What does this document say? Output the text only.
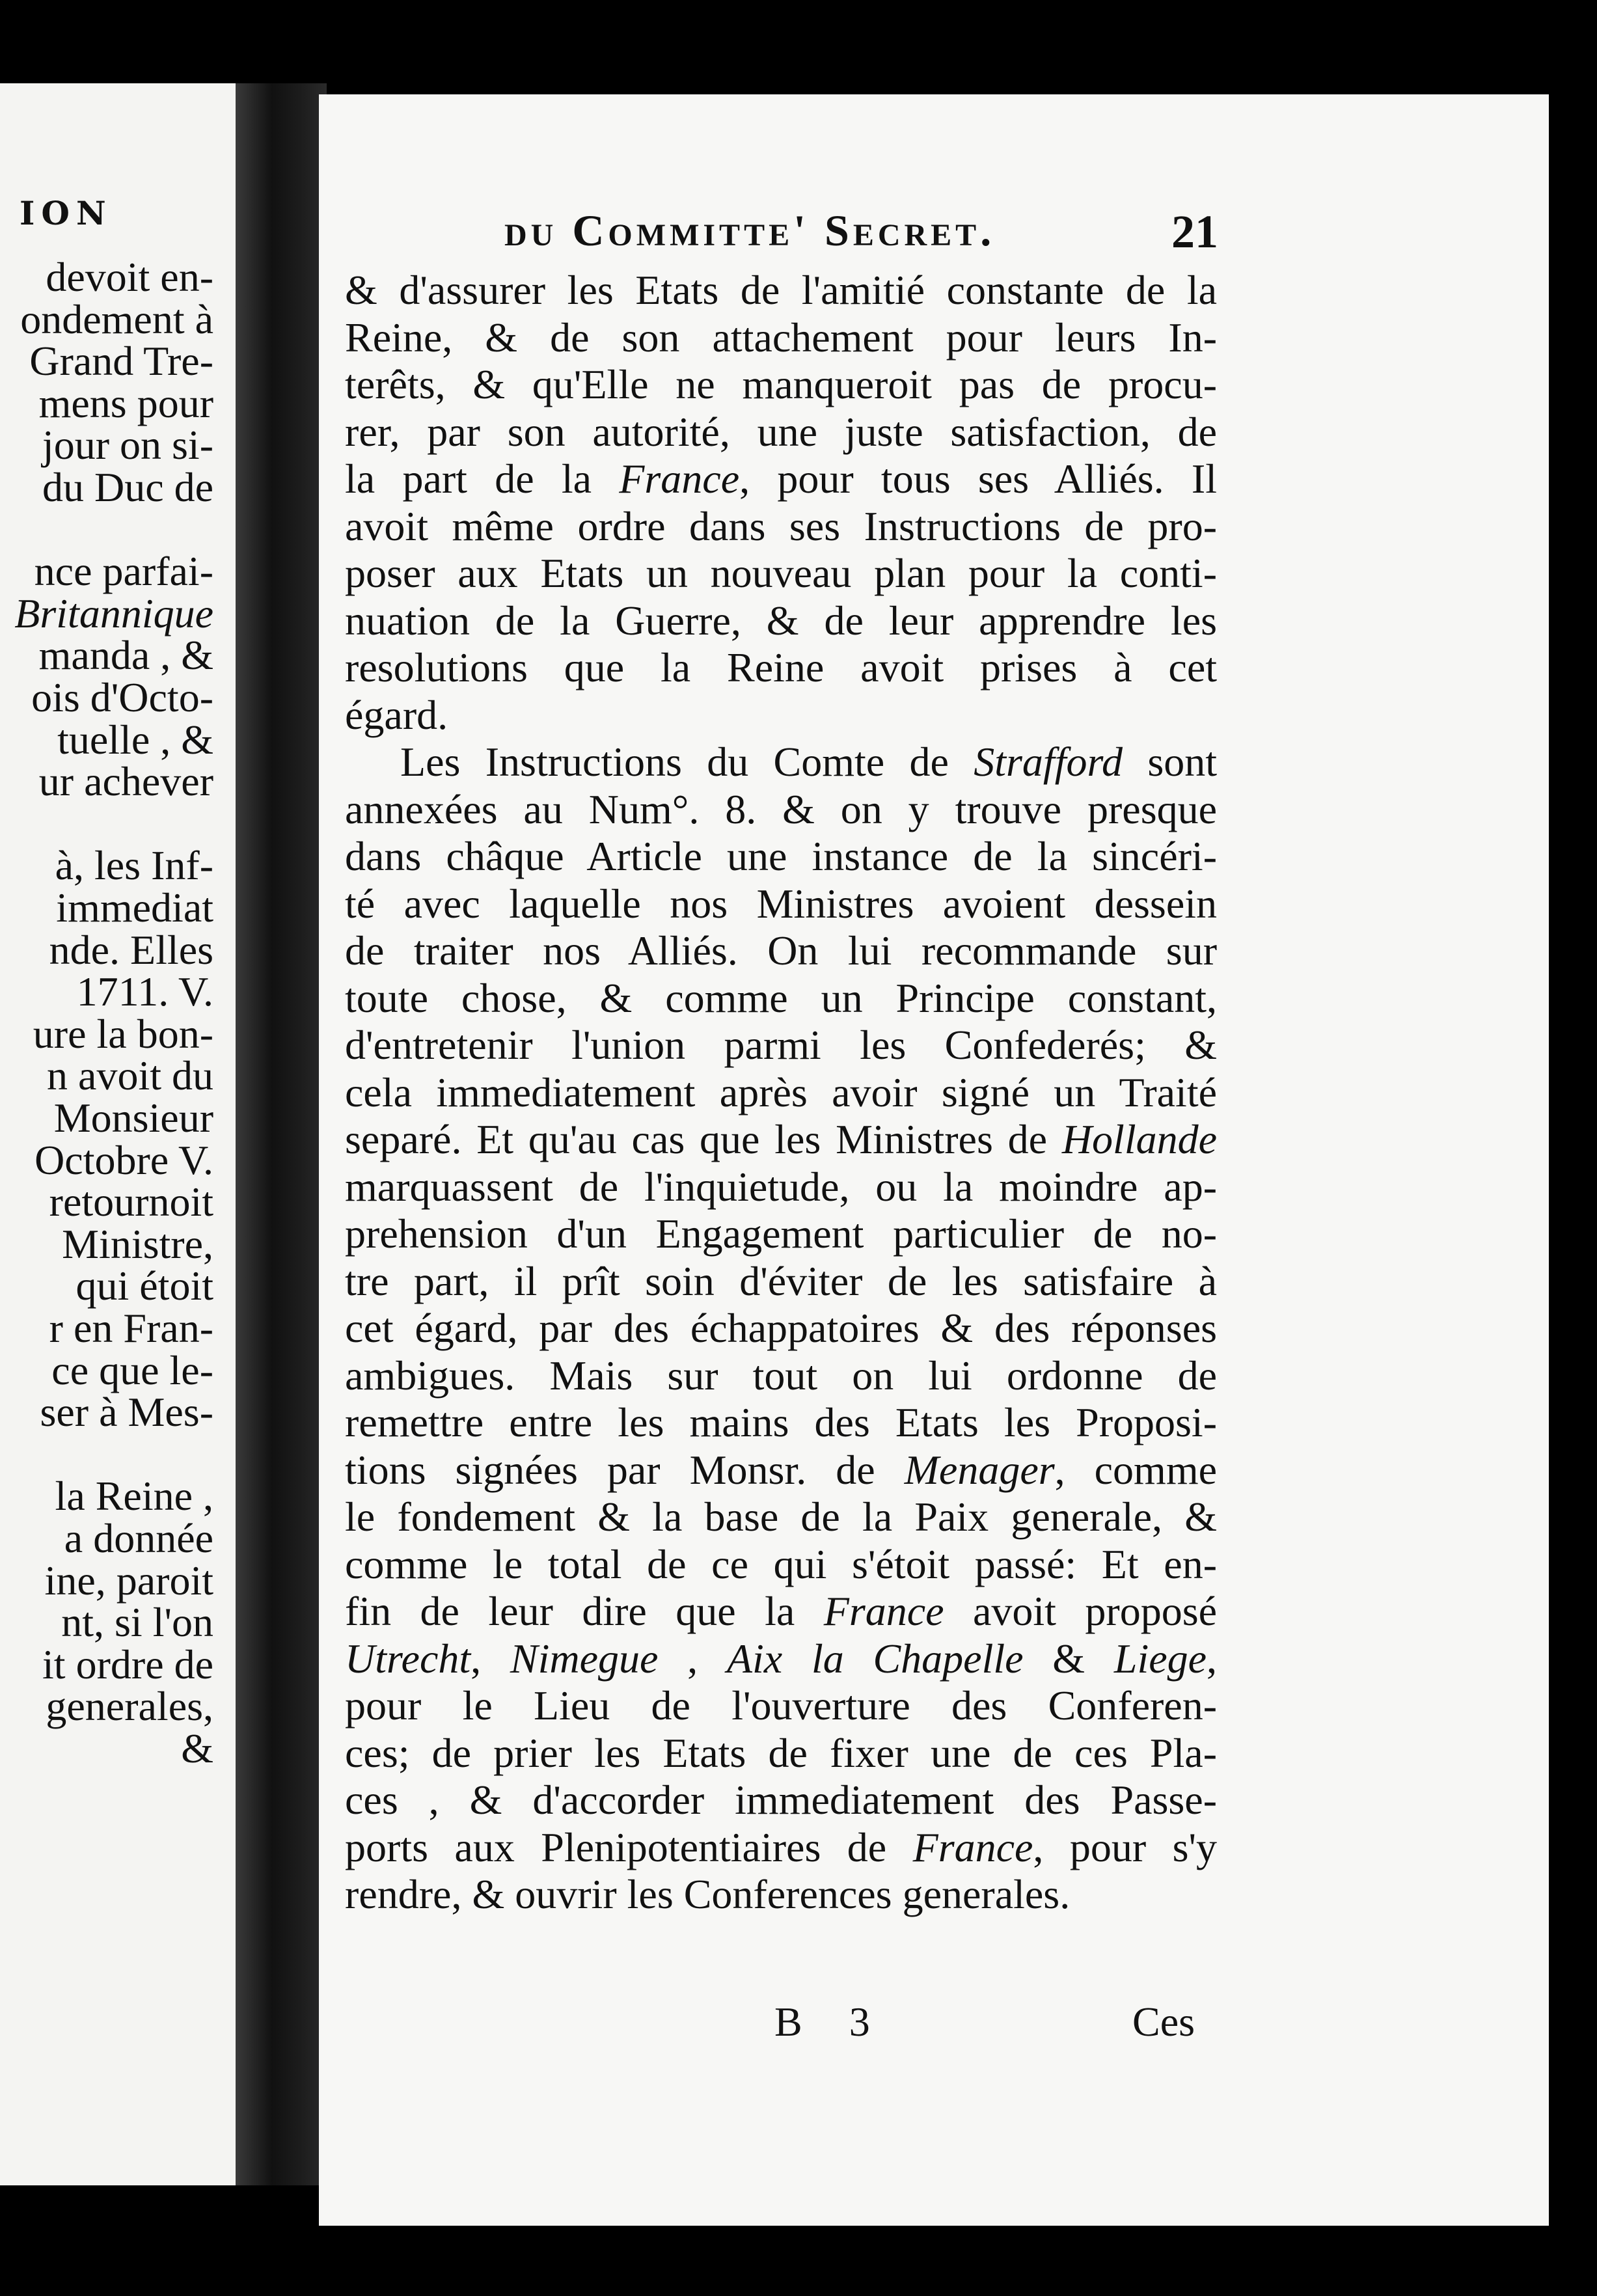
ION
devoit en-
ondement à
Grand Tre-
mens pour
jour on si-
du Duc de
nce parfai-
Britannique
manda , &
ois d'Octo-
tuelle , &
ur achever
à, les Inf-
immediat
nde. Elles
1711. V.
ure la bon-
n avoit du
Monsieur
Octobre V.
retournoit
Ministre,
qui étoit
r en Fran-
ce que le-
ser à Mes-
la Reine ,
a donnée
ine, paroit
nt, si l'on
it ordre de
generales,
&
du Committe' Secret.	21
& d'assurer les Etats de l'amitié constante de la
Reine, & de son attachement pour leurs In-
terêts, & qu'Elle ne manqueroit pas de procu-
rer, par son autorité, une juste satisfaction, de
la part de la France, pour tous ses Alliés. Il
avoit même ordre dans ses Instructions de pro-
poser aux Etats un nouveau plan pour la conti-
nuation de la Guerre, & de leur apprendre les
resolutions que la Reine avoit prises à cet
égard.
Les Instructions du Comte de Strafford sont
annexées au Num°. 8. & on y trouve presque
dans châque Article une instance de la sincéri-
té avec laquelle nos Ministres avoient dessein
de traiter nos Alliés. On lui recommande sur
toute chose, & comme un Principe constant,
d'entretenir l'union parmi les Confederés; &
cela immediatement après avoir signé un Traité
separé. Et qu'au cas que les Ministres de Hollande
marquassent de l'inquietude, ou la moindre ap-
prehension d'un Engagement particulier de no-
tre part, il prît soin d'éviter de les satisfaire à
cet égard, par des échappatoires & des réponses
ambigues. Mais sur tout on lui ordonne de
remettre entre les mains des Etats les Proposi-
tions signées par Monsr. de Menager, comme
le fondement & la base de la Paix generale, &
comme le total de ce qui s'étoit passé: Et en-
fin de leur dire que la France avoit proposé
Utrecht, Nimegue , Aix la Chapelle & Liege,
pour le Lieu de l'ouverture des Conferen-
ces; de prier les Etats de fixer une de ces Pla-
ces , & d'accorder immediatement des Passe-
ports aux Plenipotentiaires de France, pour s'y
rendre, & ouvrir les Conferences generales.
B 3	Ces
